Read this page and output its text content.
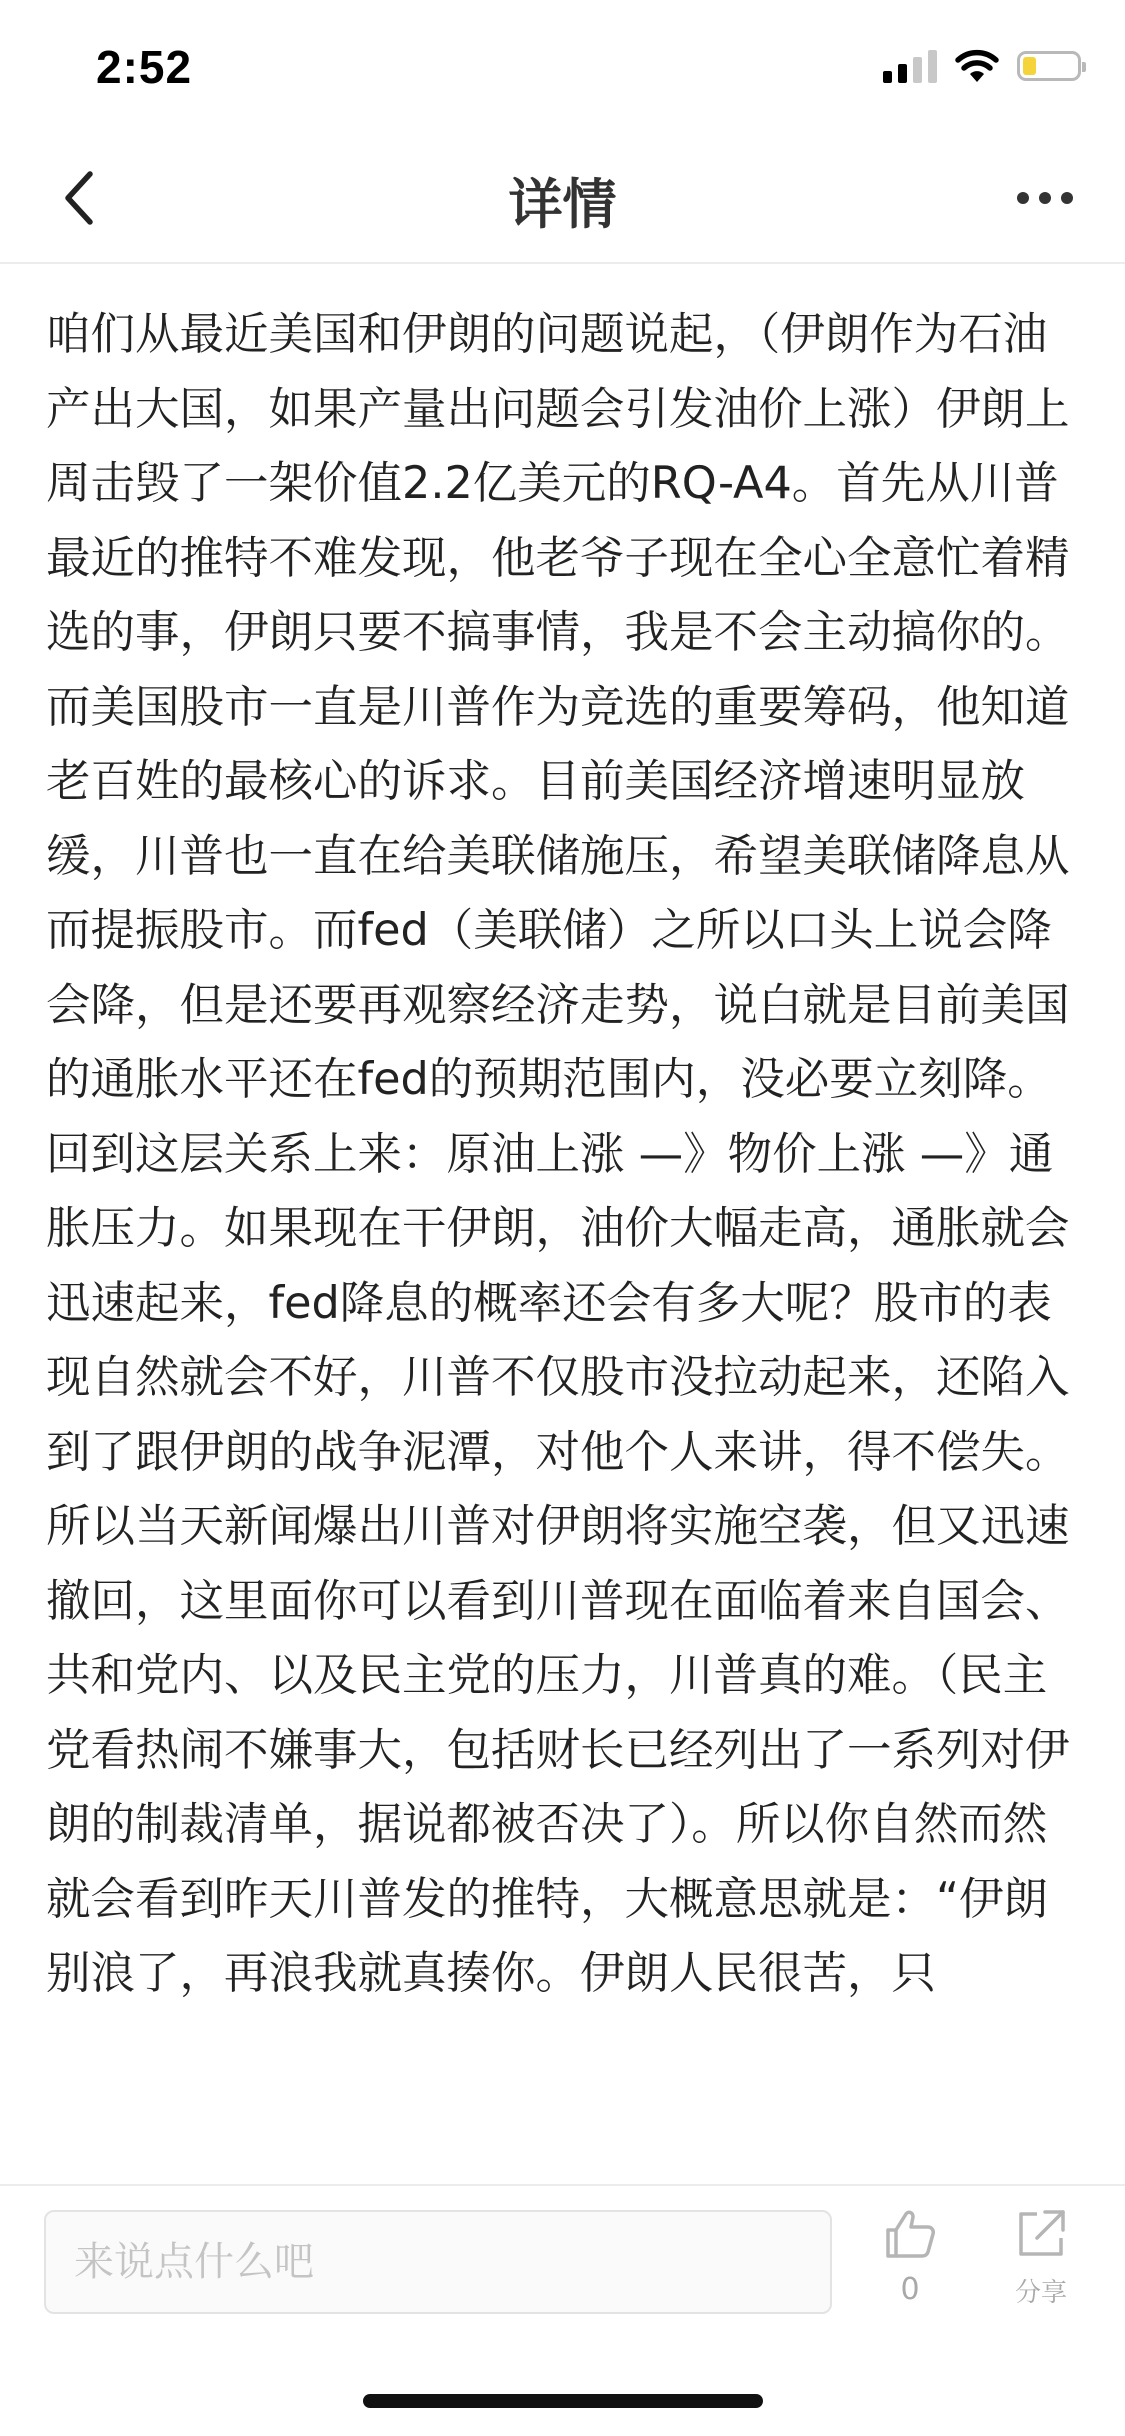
2:52
详情

咱们从最近美国和伊朗的问题说起，（伊朗作为石油产出大国，如果产量出问题会引发油价上涨）伊朗上周击毁了一架价值2.2亿美元的RQ-A4。首先从川普最近的推特不难发现，他老爷子现在全心全意忙着精选的事，伊朗只要不搞事情，我是不会主动搞你的。而美国股市一直是川普作为竞选的重要筹码，他知道老百姓的最核心的诉求。目前美国经济增速明显放缓，川普也一直在给美联储施压，希望美联储降息从而提振股市。而fed（美联储）之所以口头上说会降会降，但是还要再观察经济走势，说白就是目前美国的通胀水平还在fed的预期范围内，没必要立刻降。回到这层关系上来：原油上涨 —》物价上涨 —》通胀压力。如果现在干伊朗，油价大幅走高，通胀就会迅速起来，fed降息的概率还会有多大呢？股市的表现自然就会不好，川普不仅股市没拉动起来，还陷入到了跟伊朗的战争泥潭，对他个人来讲，得不偿失。所以当天新闻爆出川普对伊朗将实施空袭，但又迅速撤回，这里面你可以看到川普现在面临着来自国会、共和党内、以及民主党的压力，川普真的难。（民主党看热闹不嫌事大，包括财长已经列出了一系列对伊朗的制裁清单，据说都被否决了）。所以你自然而然就会看到昨天川普发的推特，大概意思就是：“伊朗别浪了，再浪我就真揍你。伊朗人民很苦，只

来说点什么吧
0	分享
